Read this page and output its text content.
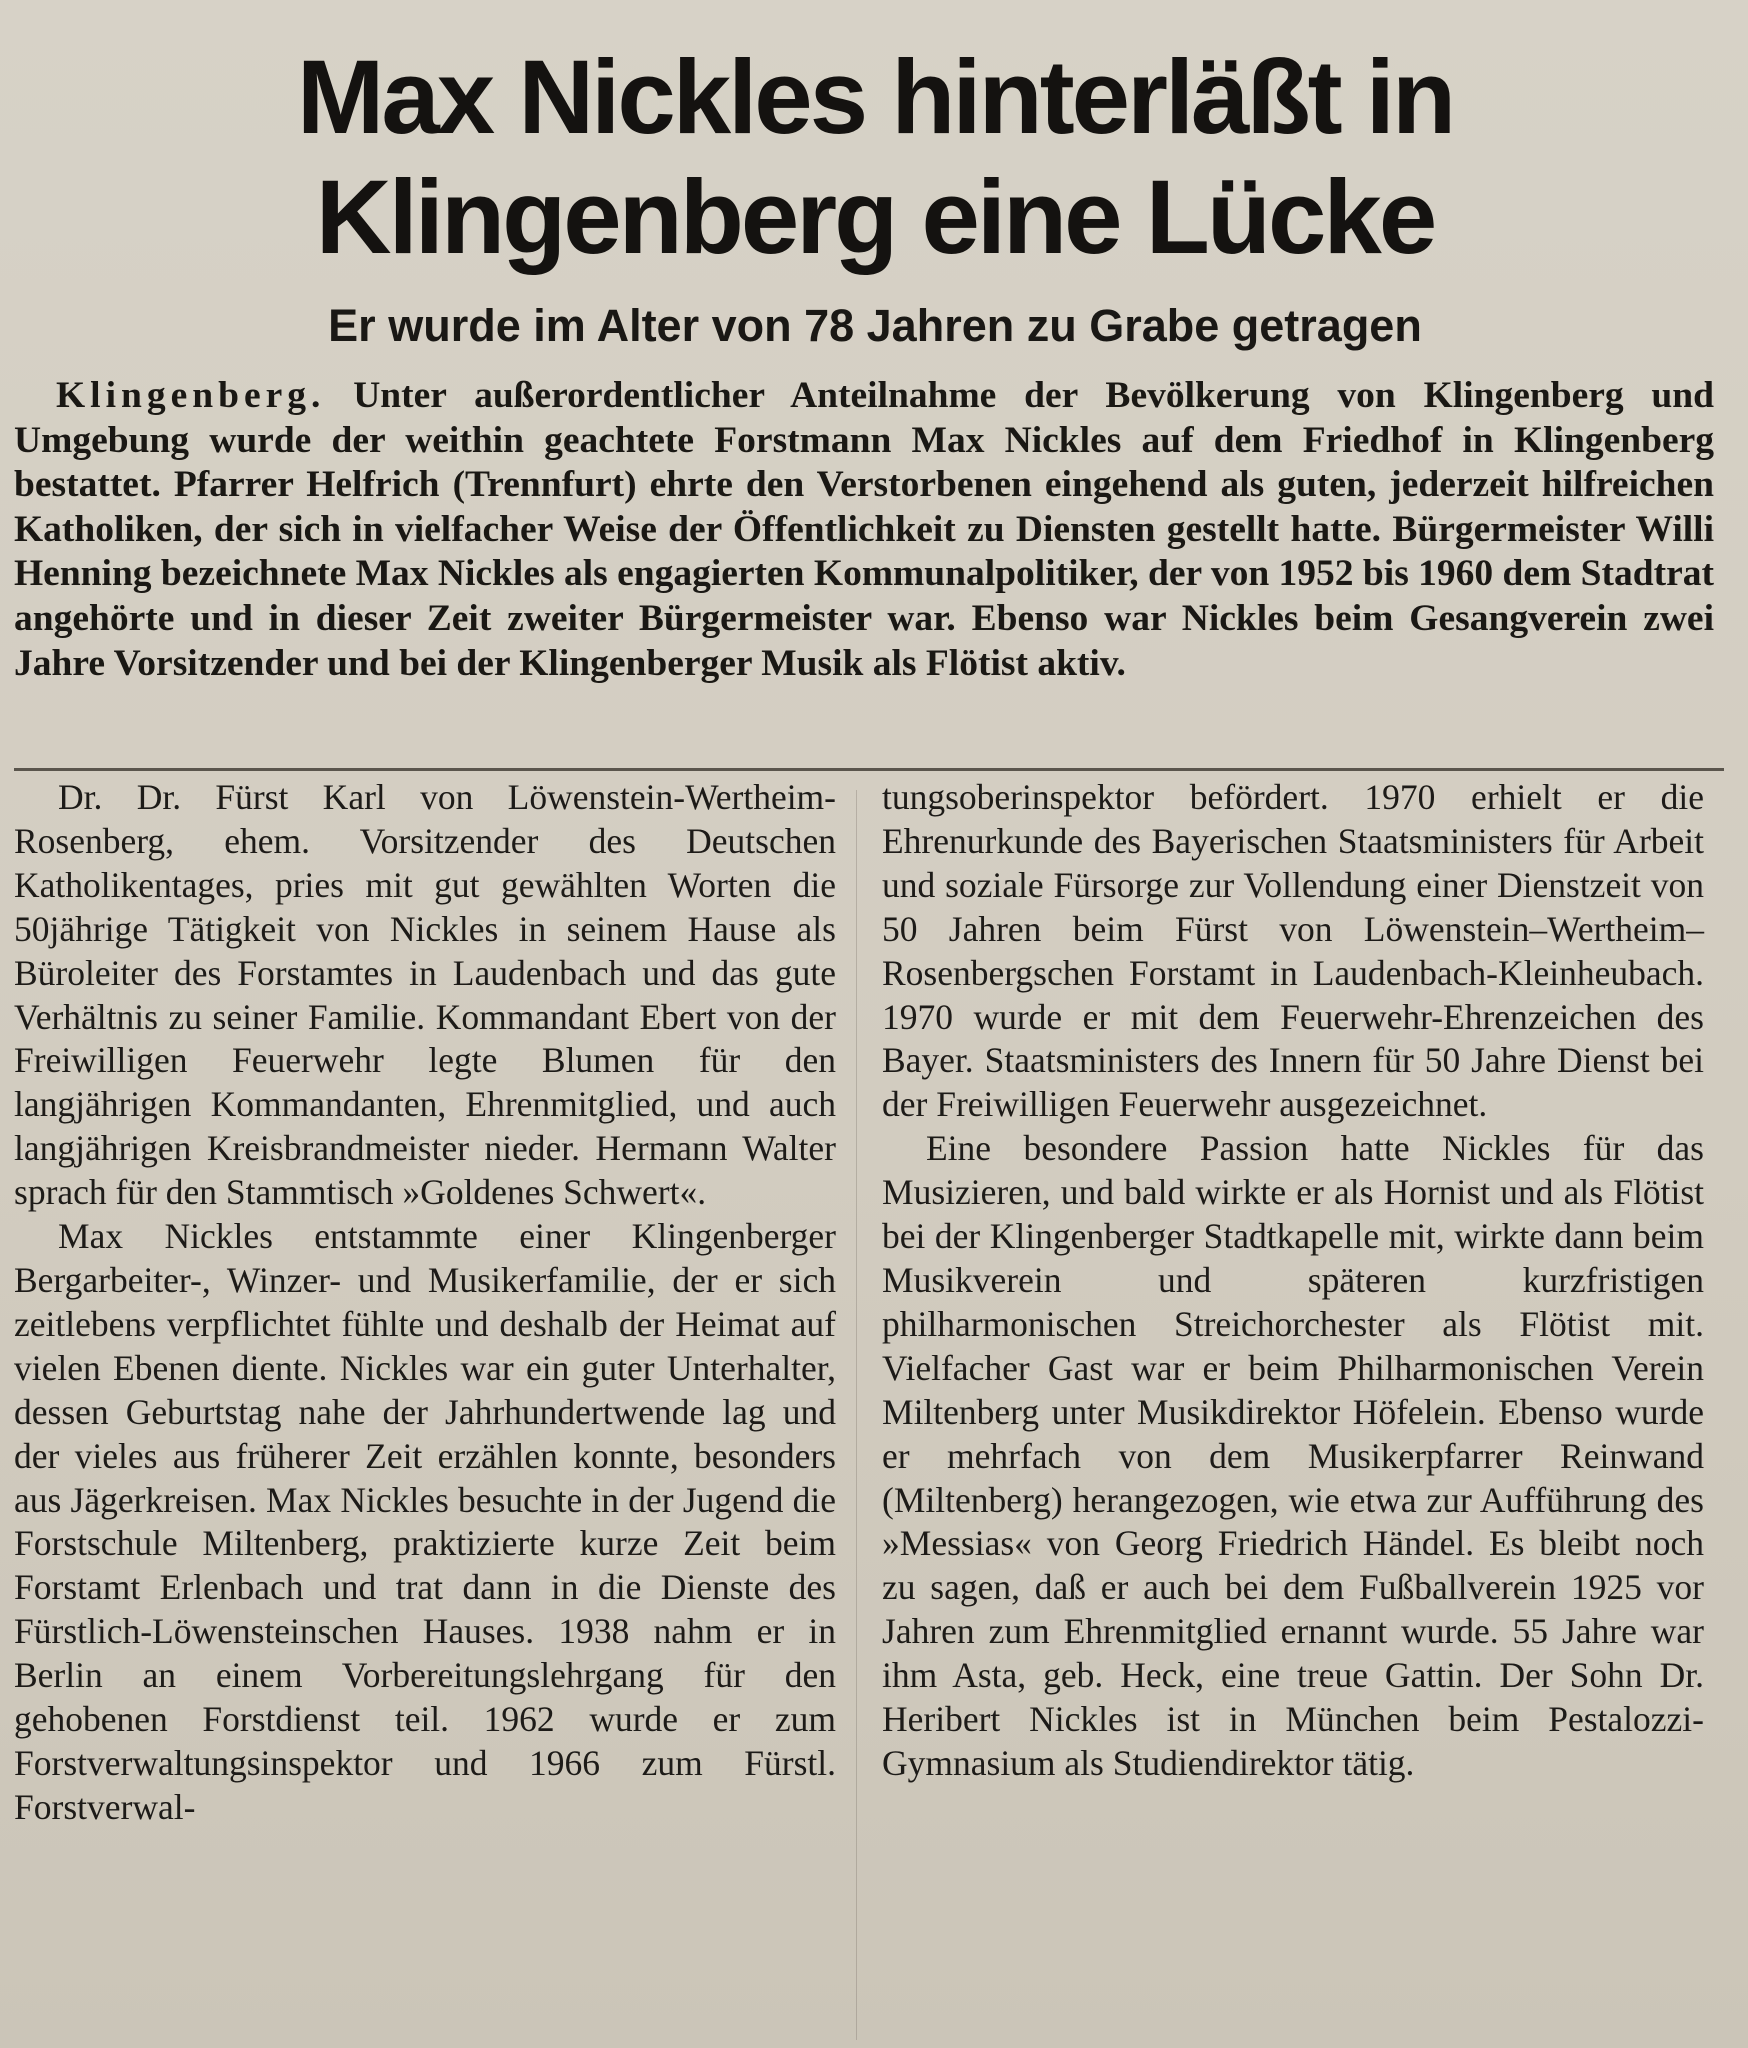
Max Nickles hinterläßt in
Klingenberg eine Lücke
Er wurde im Alter von 78 Jahren zu Grabe getragen

Klingenberg. Unter außerordentlicher Anteilnahme der Bevölkerung von Klingenberg und Umgebung wurde der weithin geachtete Forstmann Max Nickles auf dem Friedhof in Klingenberg bestattet. Pfarrer Helfrich (Trennfurt) ehrte den Verstorbenen eingehend als guten, jederzeit hilfreichen Katholiken, der sich in vielfacher Weise der Öffentlichkeit zu Diensten gestellt hatte. Bürgermeister Willi Henning bezeichnete Max Nickles als engagierten Kommunalpolitiker, der von 1952 bis 1960 dem Stadtrat angehörte und in dieser Zeit zweiter Bürgermeister war. Ebenso war Nickles beim Gesangverein zwei Jahre Vorsitzender und bei der Klingenberger Musik als Flötist aktiv.

Dr. Dr. Fürst Karl von Löwenstein-Wertheim-Rosenberg, ehem. Vorsitzender des Deutschen Katholikentages, pries mit gut gewählten Worten die 50jährige Tätigkeit von Nickles in seinem Hause als Büroleiter des Forstamtes in Laudenbach und das gute Verhältnis zu seiner Familie. Kommandant Ebert von der Freiwilligen Feuerwehr legte Blumen für den langjährigen Kommandanten, Ehrenmitglied, und auch langjährigen Kreisbrandmeister nieder. Hermann Walter sprach für den Stammtisch »Goldenes Schwert«.

Max Nickles entstammte einer Klingenberger Bergarbeiter-, Winzer- und Musikerfamilie, der er sich zeitlebens verpflichtet fühlte und deshalb der Heimat auf vielen Ebenen diente. Nickles war ein guter Unterhalter, dessen Geburtstag nahe der Jahrhundertwende lag und der vieles aus früherer Zeit erzählen konnte, besonders aus Jägerkreisen. Max Nickles besuchte in der Jugend die Forstschule Miltenberg, praktizierte kurze Zeit beim Forstamt Erlenbach und trat dann in die Dienste des Fürstlich-Löwensteinschen Hauses. 1938 nahm er in Berlin an einem Vorbereitungslehrgang für den gehobenen Forstdienst teil. 1962 wurde er zum Forstverwaltungsinspektor und 1966 zum Fürstl. Forstverwal-

tungsoberinspektor befördert. 1970 erhielt er die Ehrenurkunde des Bayerischen Staatsministers für Arbeit und soziale Fürsorge zur Vollendung einer Dienstzeit von 50 Jahren beim Fürst von Löwenstein–Wertheim–Rosenbergschen Forstamt in Laudenbach-Kleinheubach. 1970 wurde er mit dem Feuerwehr-Ehrenzeichen des Bayer. Staatsministers des Innern für 50 Jahre Dienst bei der Freiwilligen Feuerwehr ausgezeichnet.

Eine besondere Passion hatte Nickles für das Musizieren, und bald wirkte er als Hornist und als Flötist bei der Klingenberger Stadtkapelle mit, wirkte dann beim Musikverein und späteren kurzfristigen philharmonischen Streichorchester als Flötist mit. Vielfacher Gast war er beim Philharmonischen Verein Miltenberg unter Musikdirektor Höfelein. Ebenso wurde er mehrfach von dem Musikerpfarrer Reinwand (Miltenberg) herangezogen, wie etwa zur Aufführung des »Messias« von Georg Friedrich Händel. Es bleibt noch zu sagen, daß er auch bei dem Fußballverein 1925 vor Jahren zum Ehrenmitglied ernannt wurde. 55 Jahre war ihm Asta, geb. Heck, eine treue Gattin. Der Sohn Dr. Heribert Nickles ist in München beim Pestalozzi-Gymnasium als Studiendirektor tätig.
